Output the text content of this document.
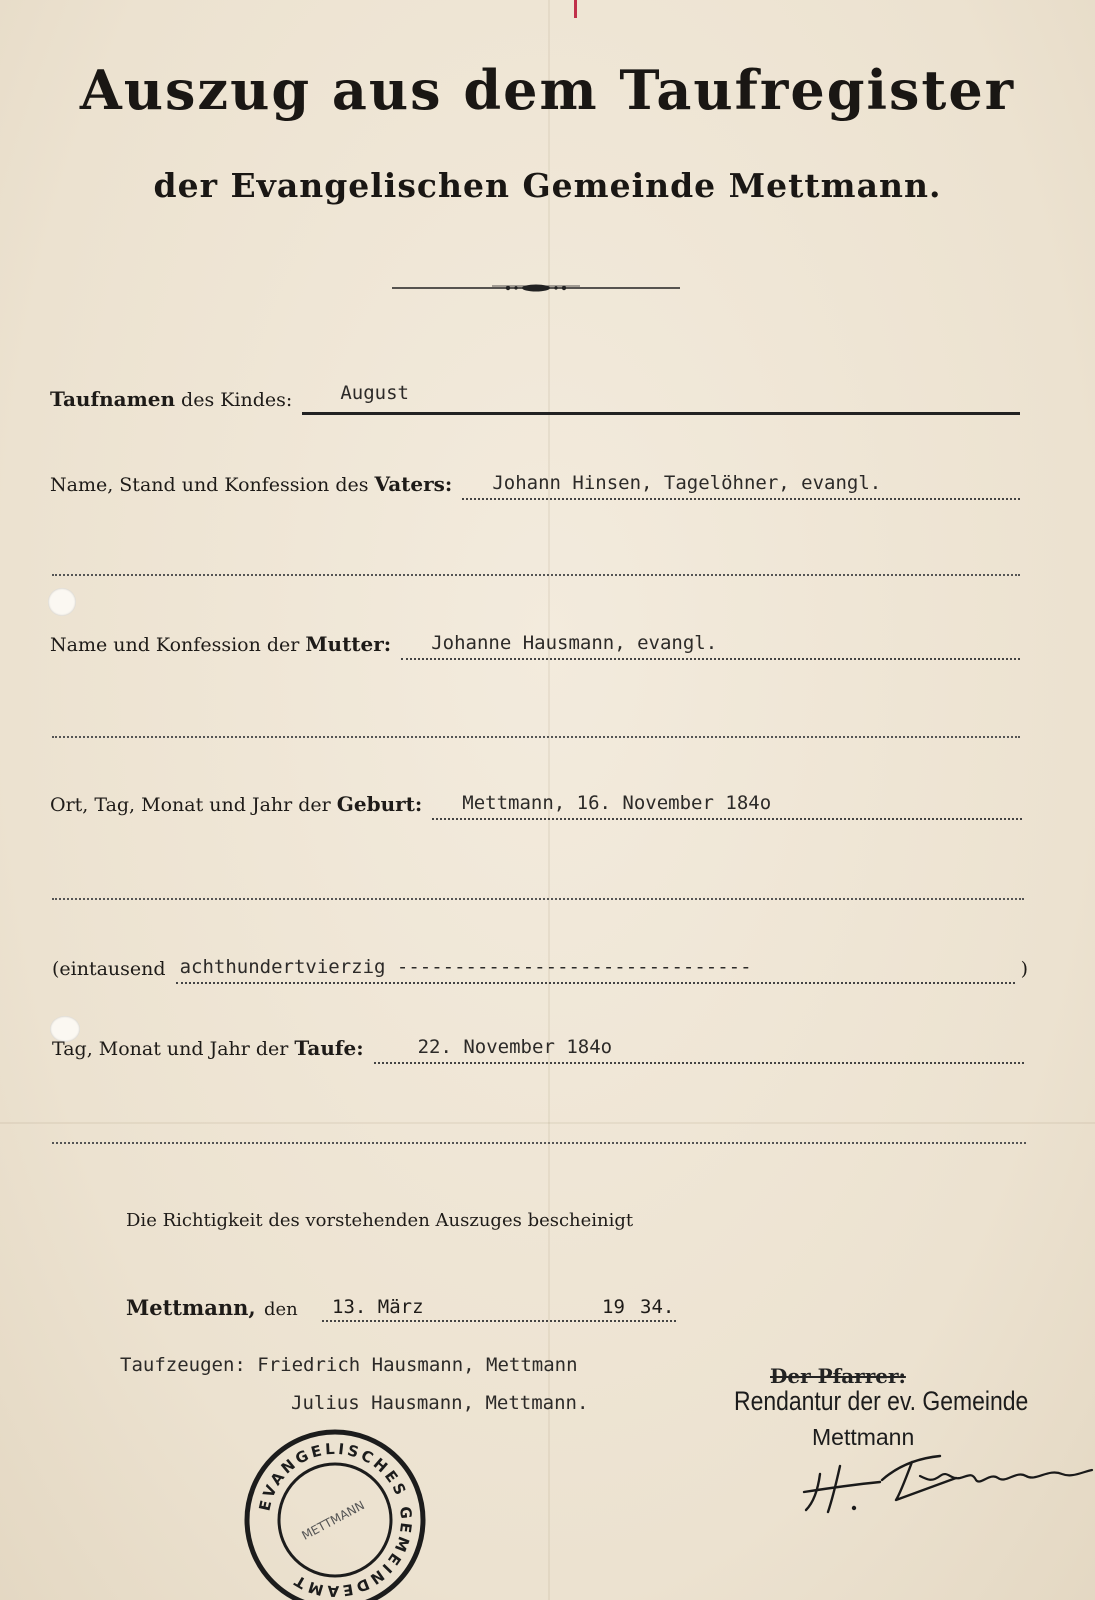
Auszug aus dem Taufregister
der Evangelischen Gemeinde Mettmann.
Taufnamen des Kindes:	August
Name, Stand und Konfession des Vaters: Johann Hinsen, Tagelöhner, evangl.
Name und Konfession der Mutter: Johanne Hausmann, evangl.
Ort, Tag, Monat und Jahr der Geburt: Mettmann, 16. November 184o
(eintausend achthundertvierzig -------------------------------	)
Tag, Monat und Jahr der Taufe:	22. November 184o
Die Richtigkeit des vorstehenden Auszuges bescheinigt
Mettmann, den 13. März	19 34.
Taufzeugen: Friedrich Hausmann, Mettmann
Julius Hausmann, Mettmann.
Der Pfarrer:
Rendantur der ev. Gemeinde
Mettmann
EVANGELISCHES GEMEINDEAMT
METTMANN
